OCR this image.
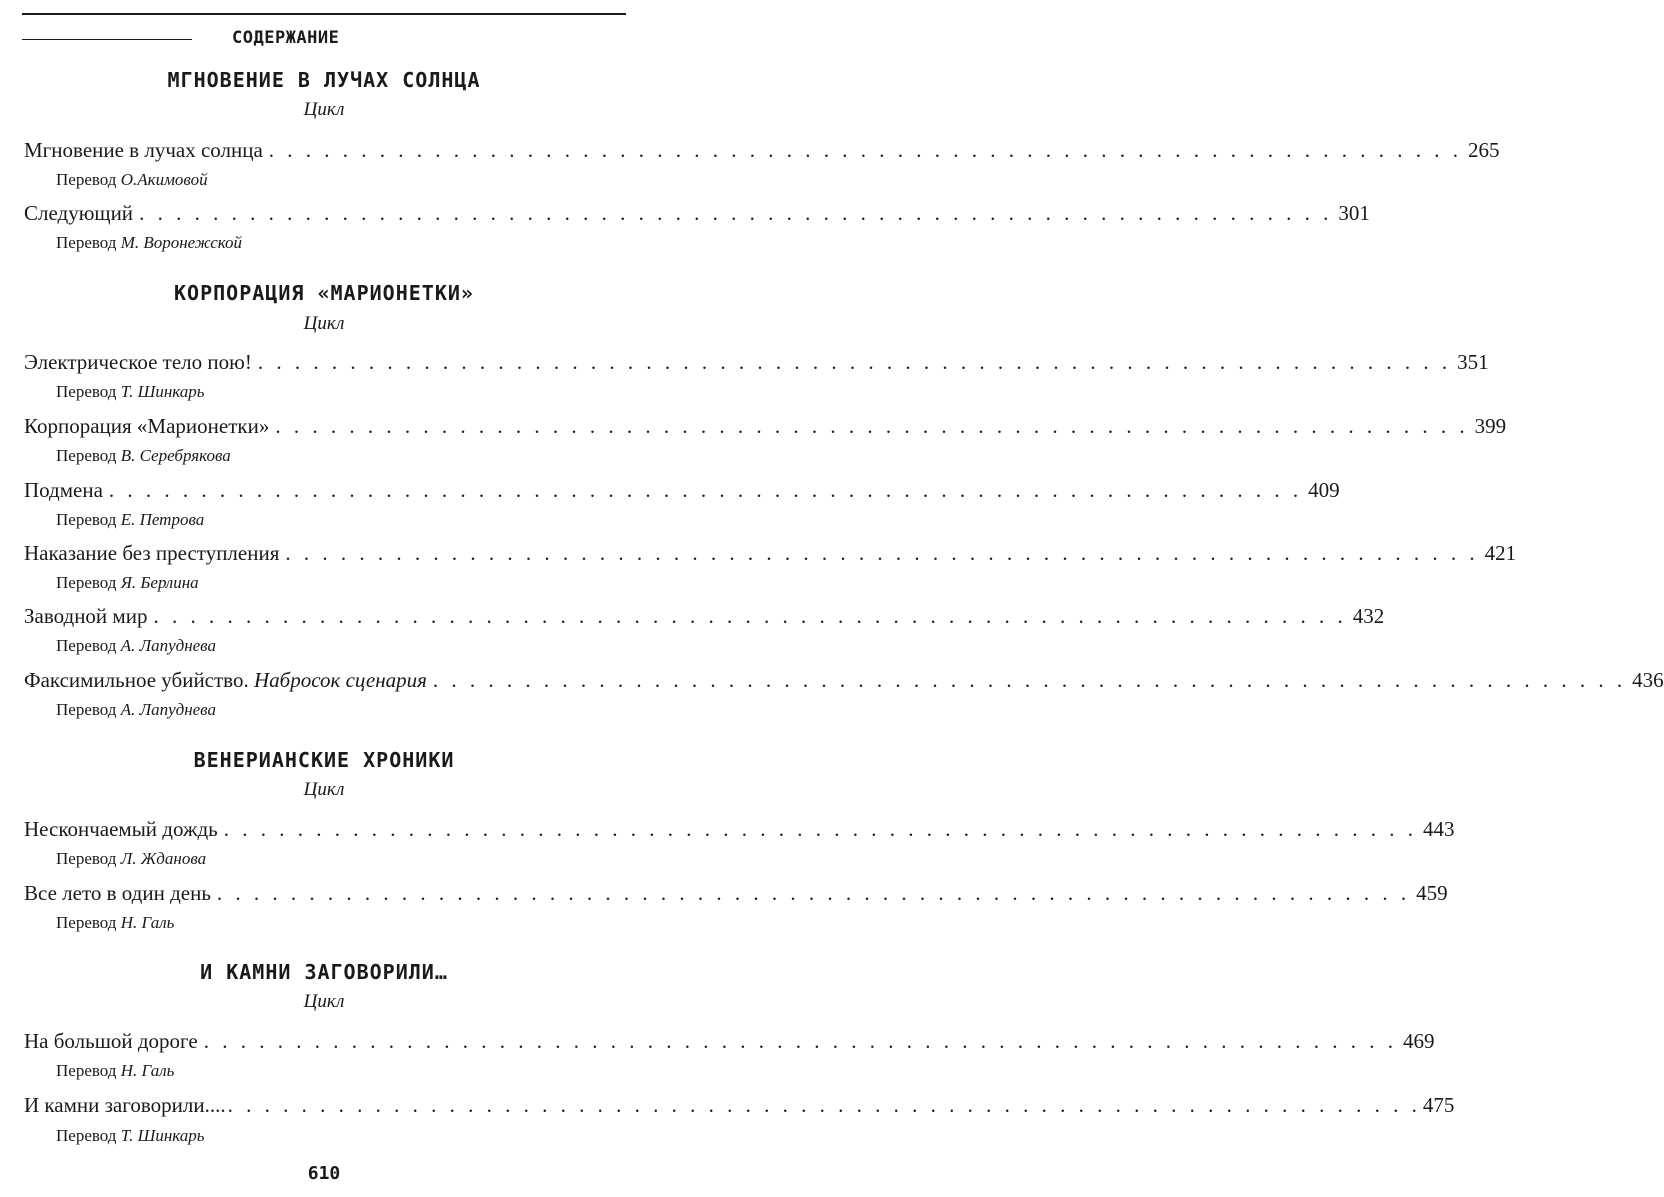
СОДЕРЖАНИЕ
МГНОВЕНИЕ В ЛУЧАХ СОЛНЦА
Цикл
Мгновение в лучах солнца . . . . . . . . . . . . . . . . . . . . . . . . . . . . . . . . . . . . . . . . . . . . . . . . . . . . . . . . . . . . . . . . . 265
Перевод О.Акимовой
Следующий . . . . . . . . . . . . . . . . . . . . . . . . . . . . . . . . . . . . . . . . . . . . . . . . . . . . . . . . . . . . . . . . . 301
Перевод М. Воронежской
КОРПОРАЦИЯ «МАРИОНЕТКИ»
Цикл
Электрическое тело пою! . . . . . . . . . . . . . . . . . . . . . . . . . . . . . . . . . . . . . . . . . . . . . . . . . . . . . . . . . . . . . . . . . 351
Перевод Т. Шинкарь
Корпорация «Марионетки» . . . . . . . . . . . . . . . . . . . . . . . . . . . . . . . . . . . . . . . . . . . . . . . . . . . . . . . . . . . . . . . . . 399
Перевод В. Серебрякова
Подмена . . . . . . . . . . . . . . . . . . . . . . . . . . . . . . . . . . . . . . . . . . . . . . . . . . . . . . . . . . . . . . . . . 409
Перевод Е. Петрова
Наказание без преступления . . . . . . . . . . . . . . . . . . . . . . . . . . . . . . . . . . . . . . . . . . . . . . . . . . . . . . . . . . . . . . . . . 421
Перевод Я. Берлина
Заводной мир . . . . . . . . . . . . . . . . . . . . . . . . . . . . . . . . . . . . . . . . . . . . . . . . . . . . . . . . . . . . . . . . . 432
Перевод А. Лапуднева
Факсимильное убийство. Набросок сценария . . . . . . . . . . . . . . . . . . . . . . . . . . . . . . . . . . . . . . . . . . . . . . . . . . . . . . . . . . . . . . . . . 436
Перевод А. Лапуднева
ВЕНЕРИАНСКИЕ ХРОНИКИ
Цикл
Нескончаемый дождь . . . . . . . . . . . . . . . . . . . . . . . . . . . . . . . . . . . . . . . . . . . . . . . . . . . . . . . . . . . . . . . . . 443
Перевод Л. Жданова
Все лето в один день . . . . . . . . . . . . . . . . . . . . . . . . . . . . . . . . . . . . . . . . . . . . . . . . . . . . . . . . . . . . . . . . . 459
Перевод Н. Галь
И КАМНИ ЗАГОВОРИЛИ…
Цикл
На большой дороге . . . . . . . . . . . . . . . . . . . . . . . . . . . . . . . . . . . . . . . . . . . . . . . . . . . . . . . . . . . . . . . . . 469
Перевод Н. Галь
И камни заговорили.... . . . . . . . . . . . . . . . . . . . . . . . . . . . . . . . . . . . . . . . . . . . . . . . . . . . . . . . . . . . . . . . . . 475
Перевод Т. Шинкарь
610
